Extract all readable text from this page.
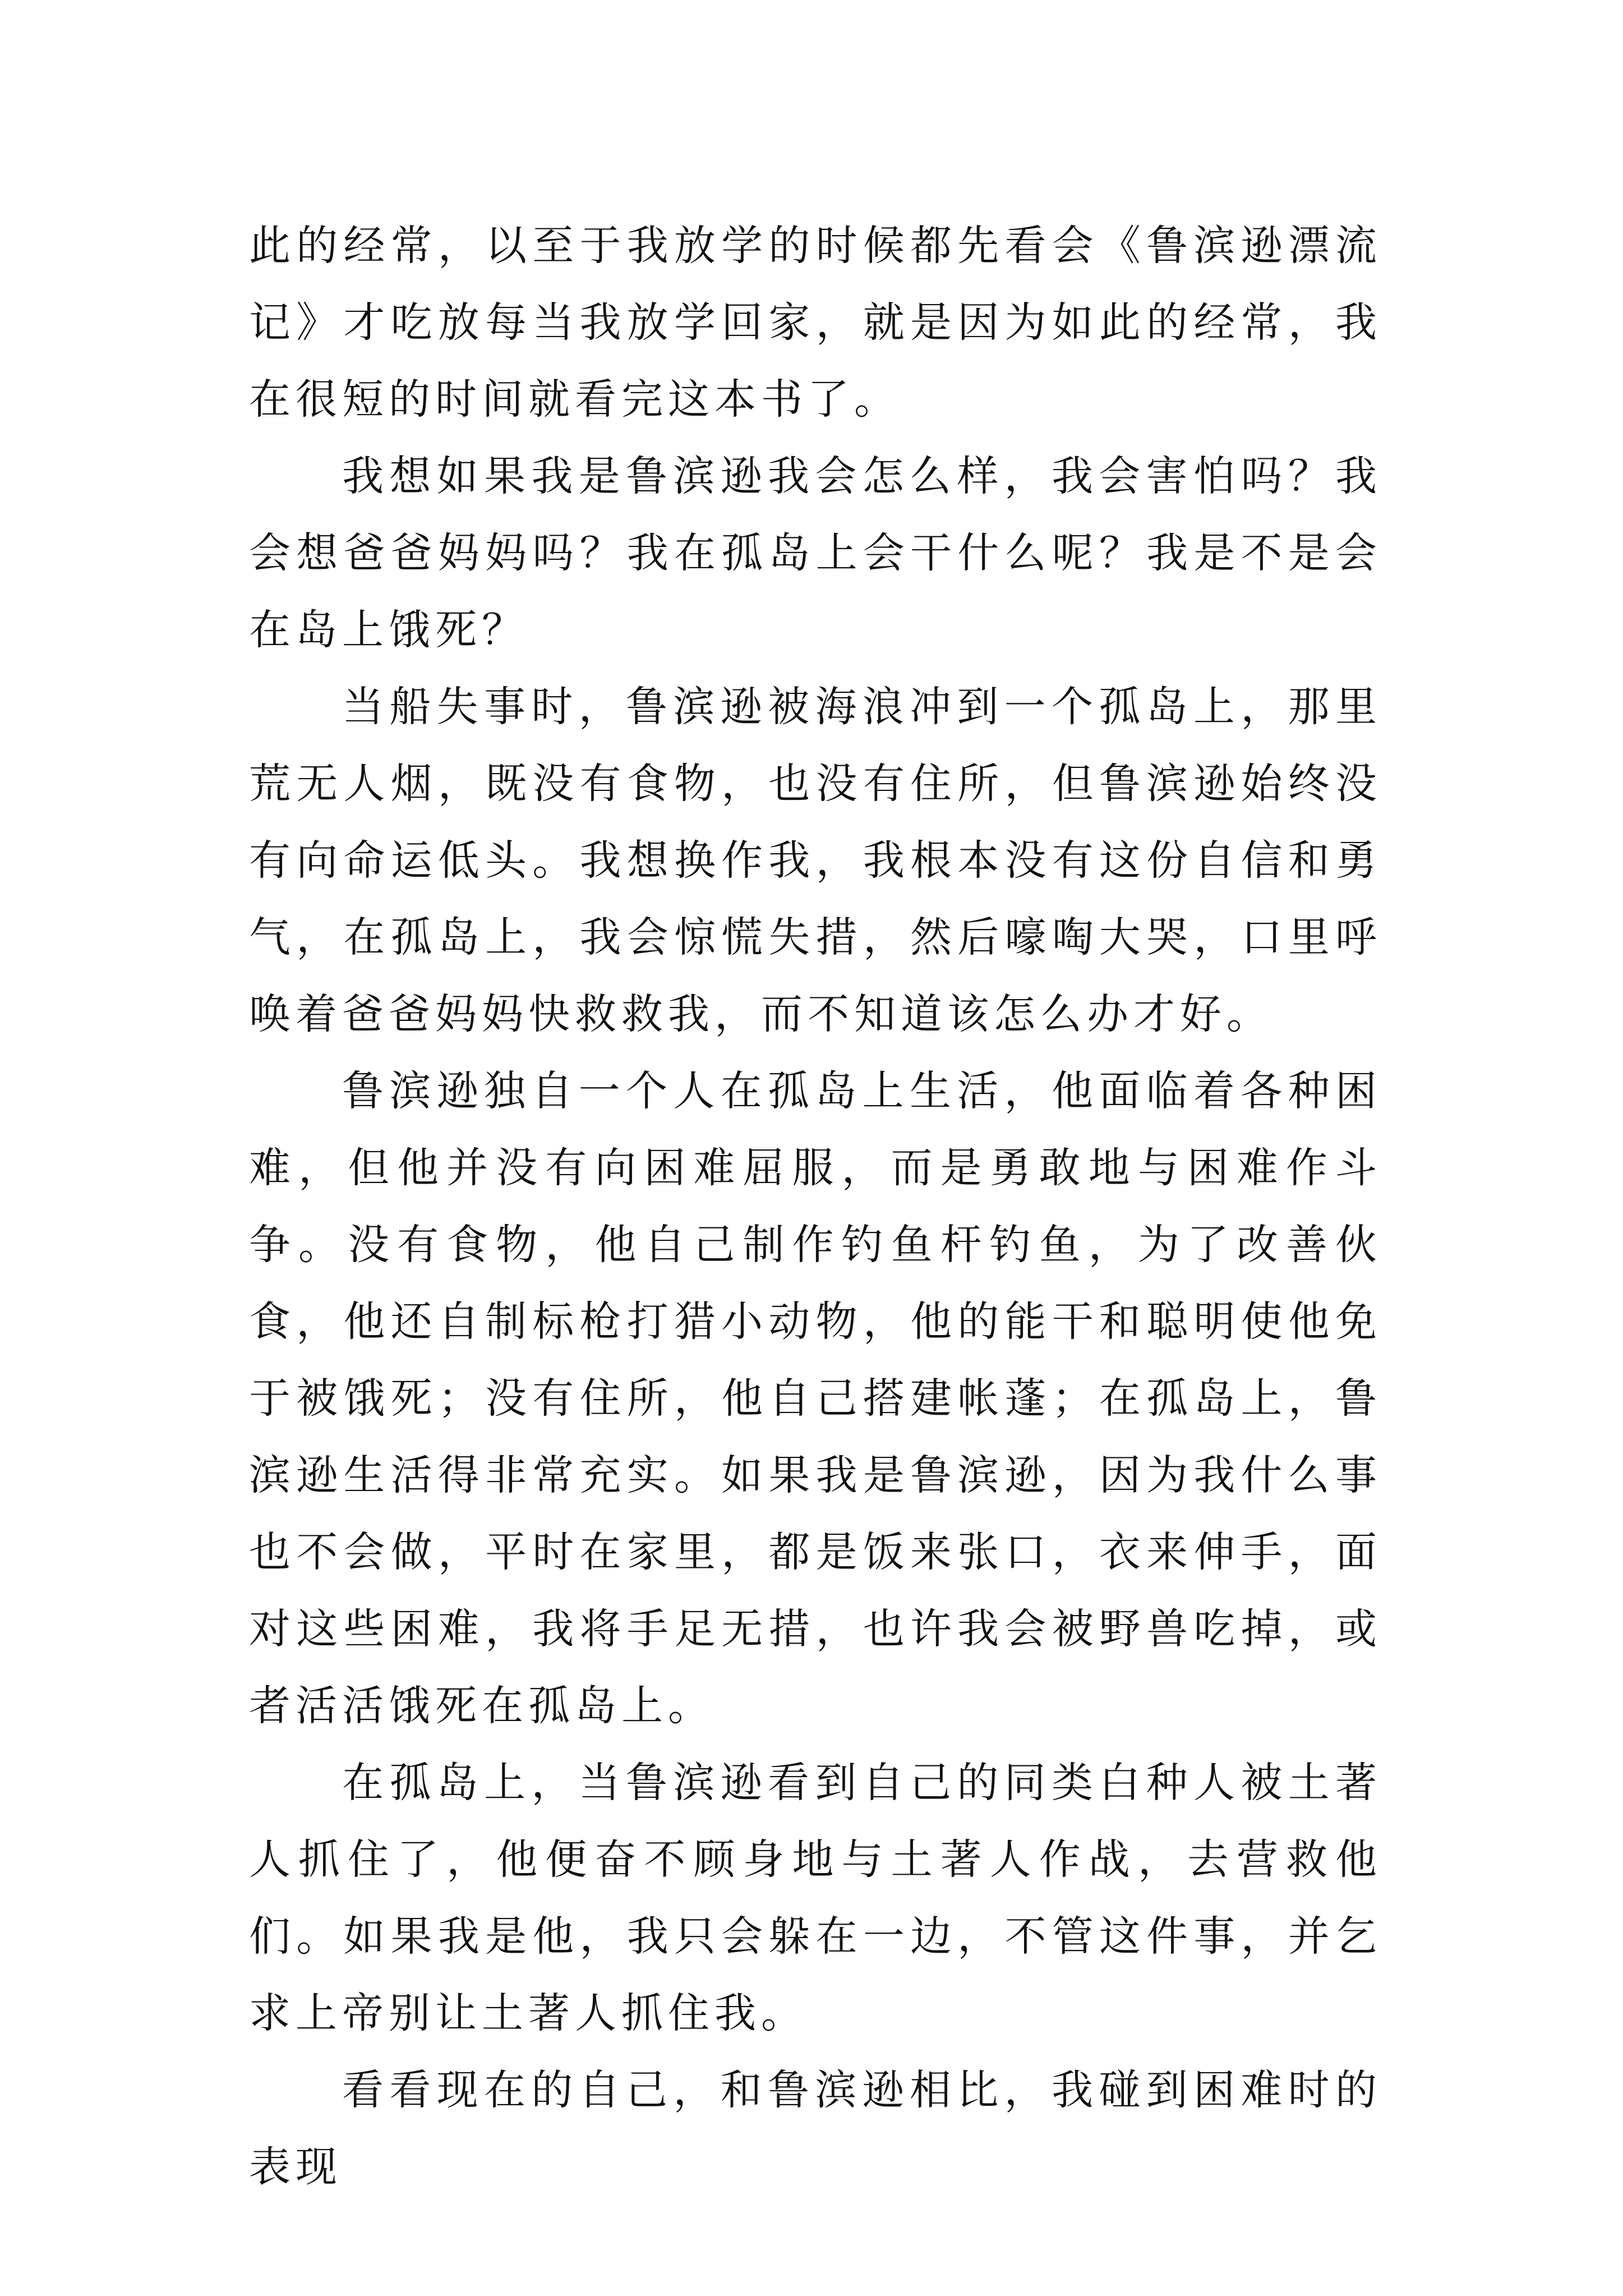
此的经常，以至于我放学的时候都先看会《鲁滨逊漂流记》才吃放每当我放学回家，就是因为如此的经常，我在很短的时间就看完这本书了。

我想如果我是鲁滨逊我会怎么样，我会害怕吗？我会想爸爸妈妈吗？我在孤岛上会干什么呢？我是不是会在岛上饿死？

当船失事时，鲁滨逊被海浪冲到一个孤岛上，那里荒无人烟，既没有食物，也没有住所，但鲁滨逊始终没有向命运低头。我想换作我，我根本没有这份自信和勇气，在孤岛上，我会惊慌失措，然后嚎啕大哭，口里呼唤着爸爸妈妈快救救我，而不知道该怎么办才好。

鲁滨逊独自一个人在孤岛上生活，他面临着各种困难，但他并没有向困难屈服，而是勇敢地与困难作斗争。没有食物，他自己制作钓鱼杆钓鱼，为了改善伙食，他还自制标枪打猎小动物，他的能干和聪明使他免于被饿死；没有住所，他自己搭建帐蓬；在孤岛上，鲁滨逊生活得非常充实。如果我是鲁滨逊，因为我什么事也不会做，平时在家里，都是饭来张口，衣来伸手，面对这些困难，我将手足无措，也许我会被野兽吃掉，或者活活饿死在孤岛上。

在孤岛上，当鲁滨逊看到自己的同类白种人被土著人抓住了，他便奋不顾身地与土著人作战，去营救他们。如果我是他，我只会躲在一边，不管这件事，并乞求上帝别让土著人抓住我。

看看现在的自己，和鲁滨逊相比，我碰到困难时的表现
